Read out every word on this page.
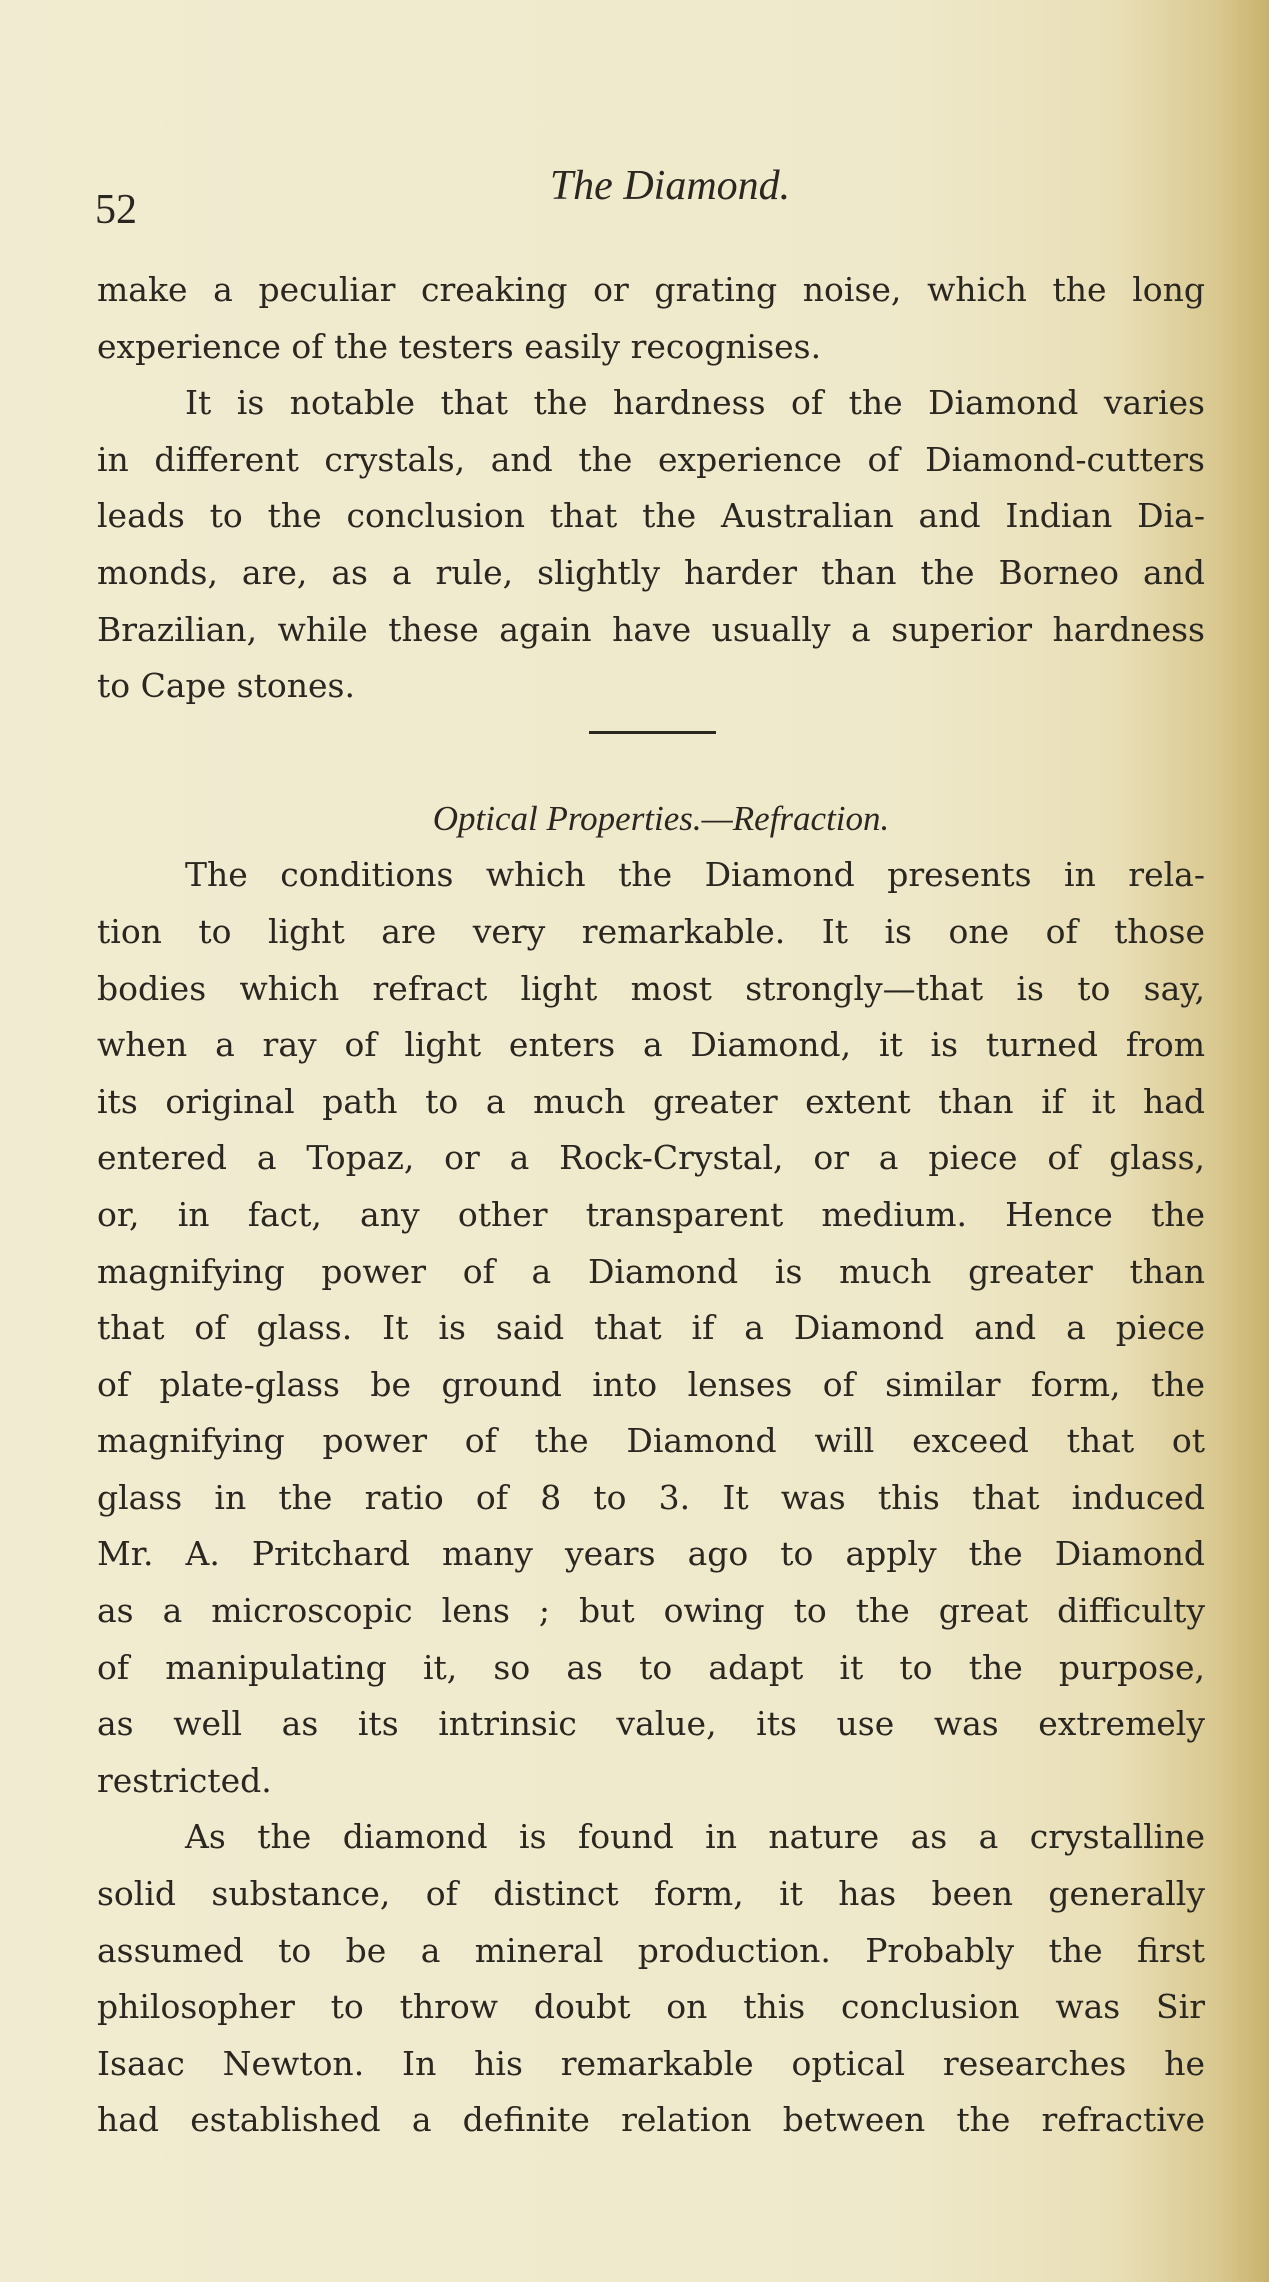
52
The Diamond.
make a peculiar creaking or grating noise, which the long
experience of the testers easily recognises.
It is notable that the hardness of the Diamond varies
in different crystals, and the experience of Diamond-cutters
leads to the conclusion that the Australian and Indian Dia-
monds, are, as a rule, slightly harder than the Borneo and
Brazilian, while these again have usually a superior hardness
to Cape stones.
Optical Properties.—Refraction.
The conditions which the Diamond presents in rela-
tion to light are very remarkable. It is one of those
bodies which refract light most strongly—that is to say,
when a ray of light enters a Diamond, it is turned from
its original path to a much greater extent than if it had
entered a Topaz, or a Rock-Crystal, or a piece of glass,
or, in fact, any other transparent medium. Hence the
magnifying power of a Diamond is much greater than
that of glass. It is said that if a Diamond and a piece
of plate-glass be ground into lenses of similar form, the
magnifying power of the Diamond will exceed that ot
glass in the ratio of 8 to 3. It was this that induced
Mr. A. Pritchard many years ago to apply the Diamond
as a microscopic lens ; but owing to the great difficulty
of manipulating it, so as to adapt it to the purpose,
as well as its intrinsic value, its use was extremely
restricted.
As the diamond is found in nature as a crystalline
solid substance, of distinct form, it has been generally
assumed to be a mineral production. Probably the first
philosopher to throw doubt on this conclusion was Sir
Isaac Newton. In his remarkable optical researches he
had established a definite relation between the refractive
